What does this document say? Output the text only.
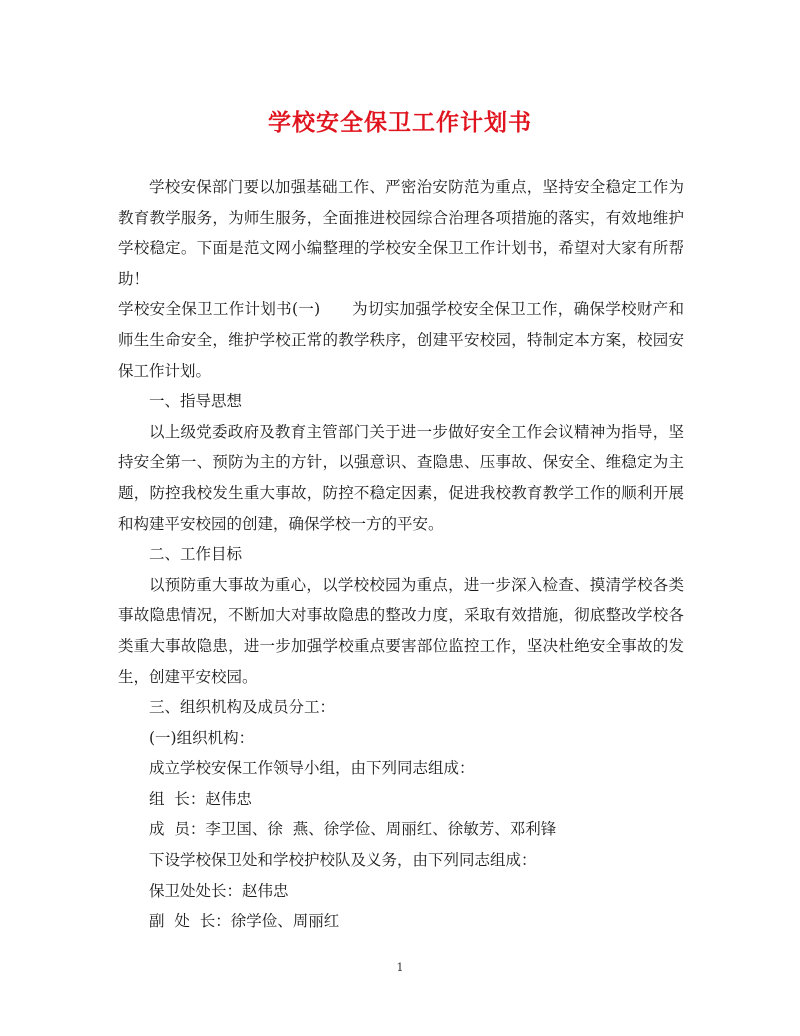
学校安全保卫工作计划书

学校安保部门要以加强基础工作、严密治安防范为重点，坚持安全稳定工作为教育教学服务，为师生服务，全面推进校园综合治理各项措施的落实，有效地维护学校稳定。下面是范文网小编整理的学校安全保卫工作计划书，希望对大家有所帮助！

学校安全保卫工作计划书(一)　　 为切实加强学校安全保卫工作，确保学校财产和师生生命安全，维护学校正常的教学秩序，创建平安校园，特制定本方案，校园安保工作计划。

一、指导思想

以上级党委政府及教育主管部门关于进一步做好安全工作会议精神为指导，坚持安全第一、预防为主的方针，以强意识、查隐患、压事故、保安全、维稳定为主题，防控我校发生重大事故，防控不稳定因素，促进我校教育教学工作的顺利开展和构建平安校园的创建，确保学校一方的平安。

二、工作目标

以预防重大事故为重心，以学校校园为重点，进一步深入检查、摸清学校各类事故隐患情况，不断加大对事故隐患的整改力度，采取有效措施，彻底整改学校各类重大事故隐患，进一步加强学校重点要害部位监控工作，坚决杜绝安全事故的发生，创建平安校园。

三、组织机构及成员分工：

(一)组织机构：

成立学校安保工作领导小组，由下列同志组成：

组  长：赵伟忠

成  员：李卫国、徐  燕、徐学俭、周丽红、徐敏芳、邓利锋

下设学校保卫处和学校护校队及义务，由下列同志组成：

保卫处处长：赵伟忠

副  处  长：徐学俭、周丽红

1
